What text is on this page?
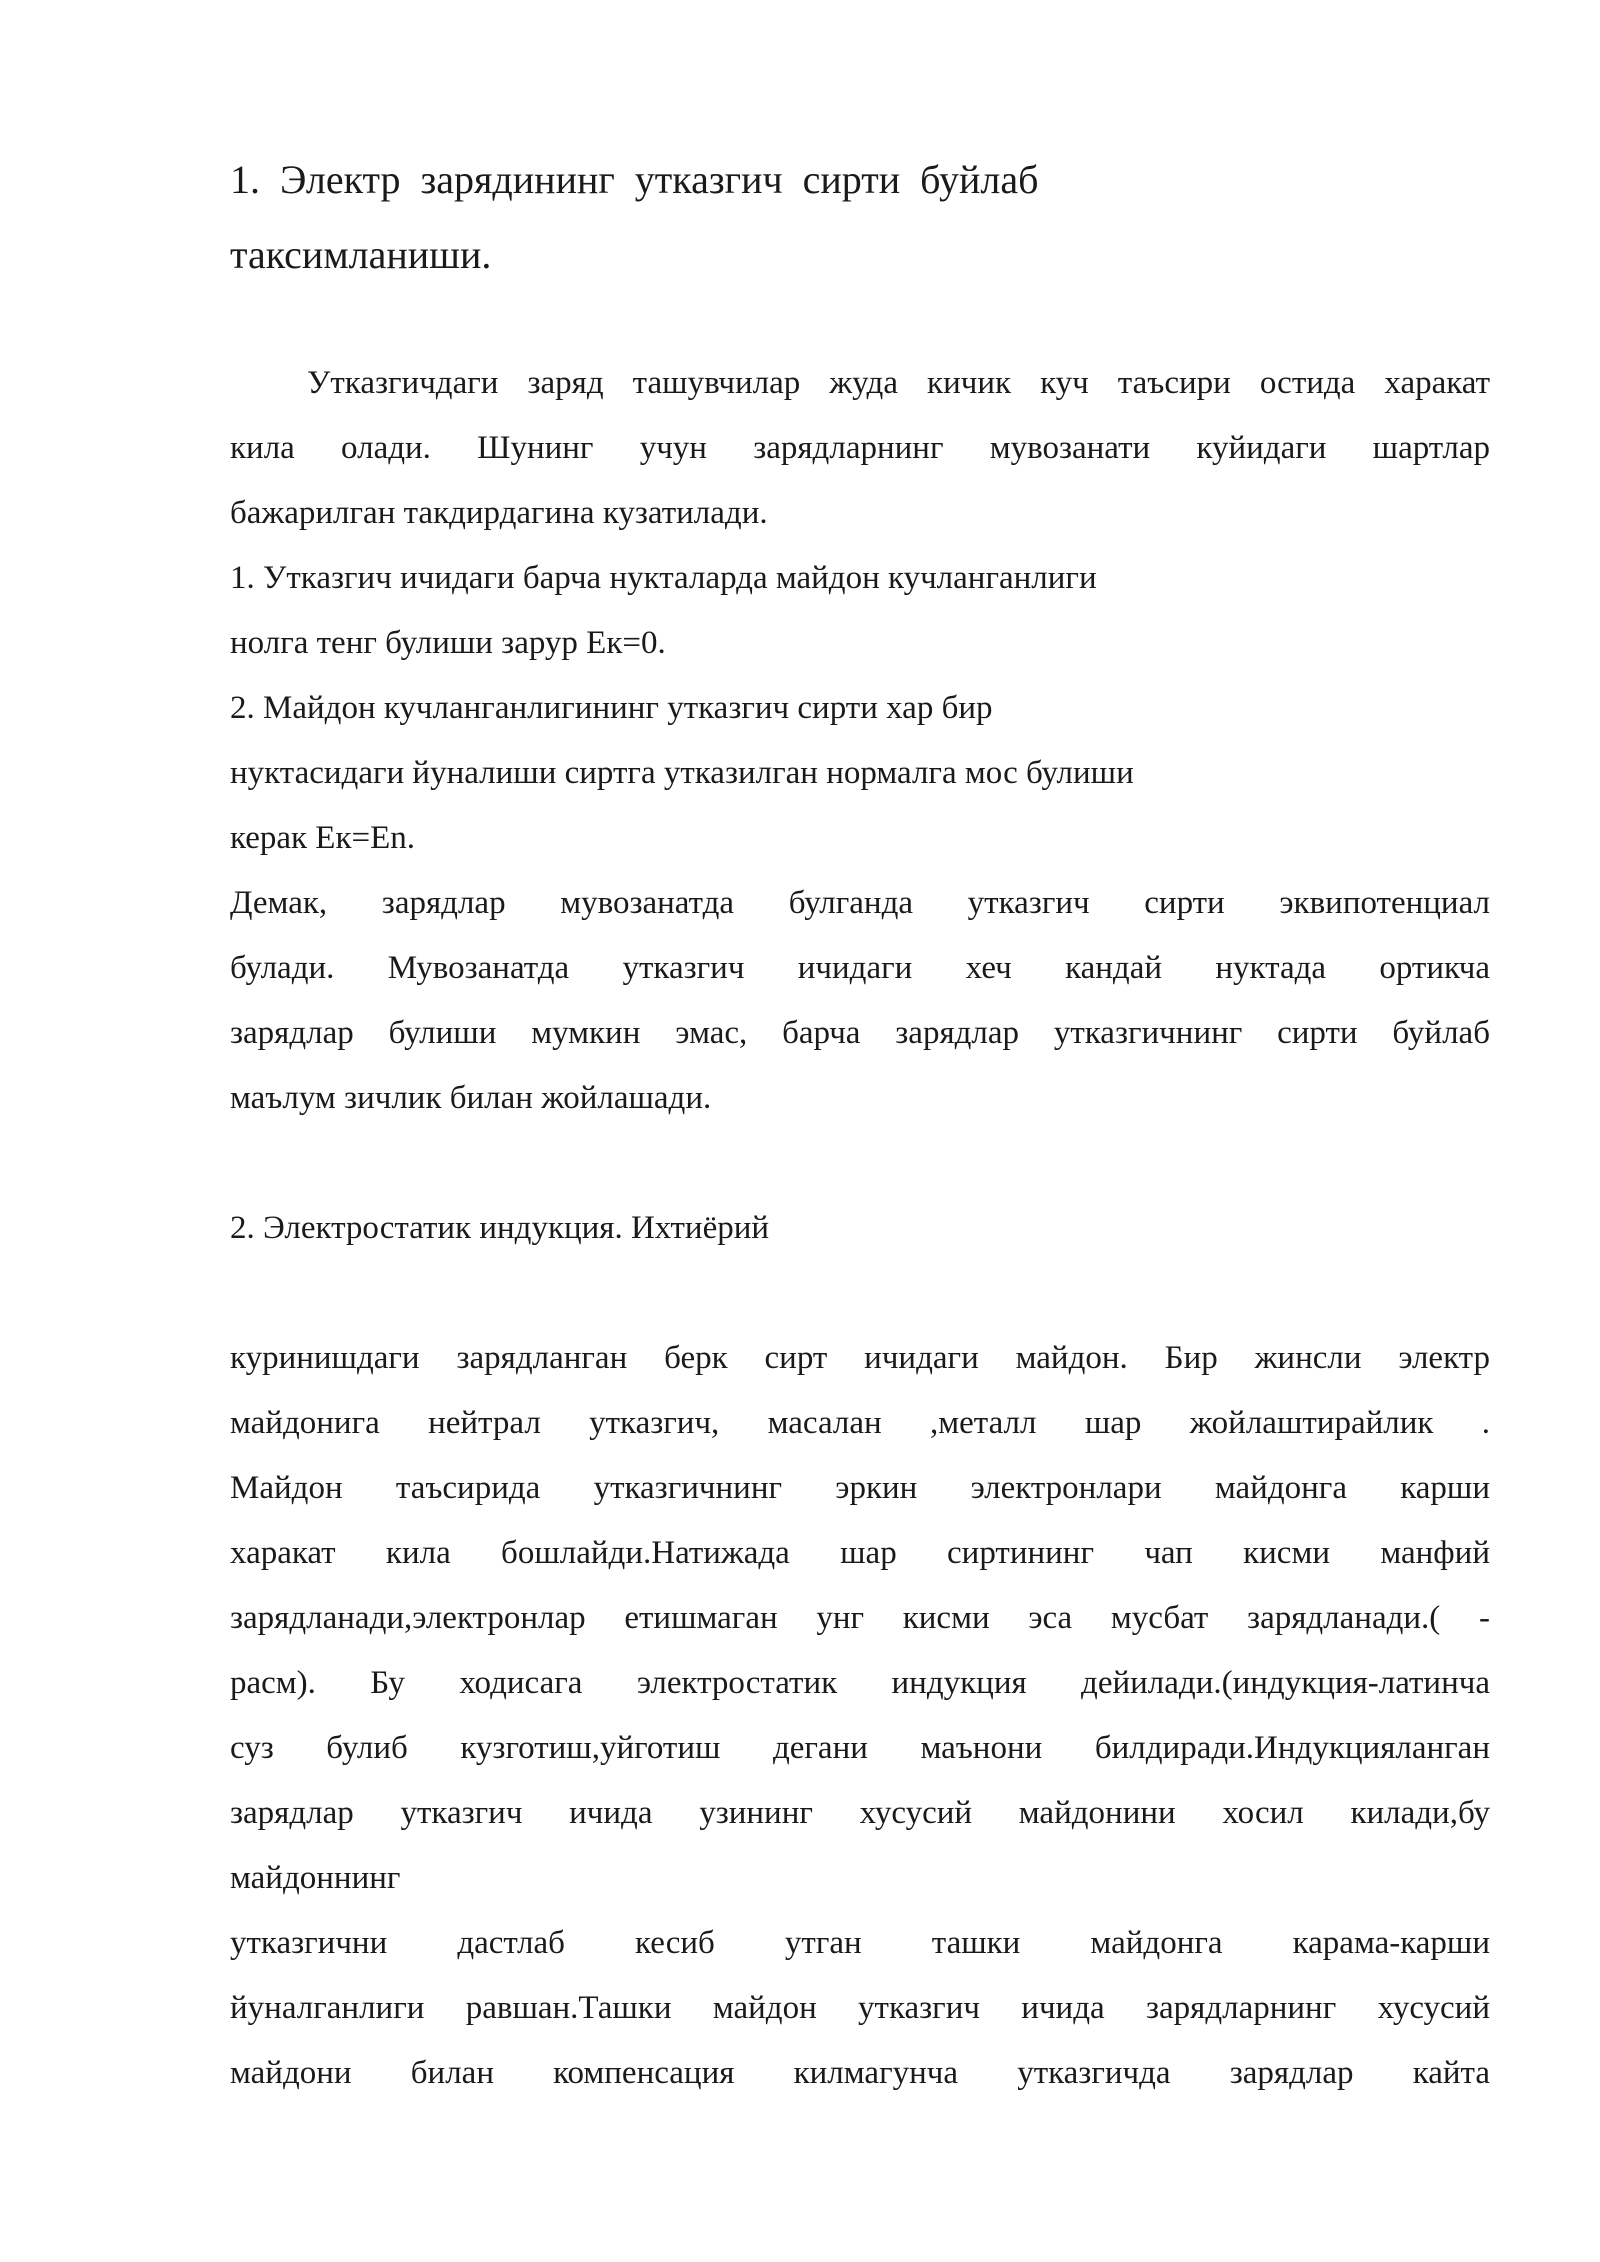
1. Электр зарядининг утказгич сирти буйлаб
таксимланиши.
Утказгичдаги заряд ташувчилар жуда кичик куч таъсири остида харакат
кила олади. Шунинг учун зарядларнинг мувозанати куйидаги шартлар
бажарилган такдирдагина кузатилади.
1. Утказгич ичидаги барча нукталарда майдон кучланганлиги
нолга тенг булиши зарур Ек=0.
2. Майдон кучланганлигининг утказгич сирти хар бир
нуктасидаги йуналиши сиртга утказилган нормалга мос булиши
керак Ек=En.
Демак, зарядлар мувозанатда булганда утказгич сирти эквипотенциал
булади. Мувозанатда утказгич ичидаги хеч кандай нуктада ортикча
зарядлар булиши мумкин эмас, барча зарядлар утказгичнинг сирти буйлаб
маълум зичлик билан жойлашади.
2. Электростатик индукция. Ихтиёрий
куринишдаги зарядланган берк сирт ичидаги майдон. Бир жинсли электр
майдонига нейтрал утказгич, масалан ,металл шар жойлаштирайлик .
Майдон таъсирида утказгичнинг эркин электронлари майдонга карши
харакат кила бошлайди.Натижада шар сиртининг чап кисми манфий
зарядланади,электронлар етишмаган унг кисми эса мусбат зарядланади.( -
расм). Бу ходисага электростатик индукция дейилади.(индукция-латинча
суз булиб кузготиш,уйготиш дегани маънони билдиради.Индукцияланган
зарядлар утказгич ичида узининг хусусий майдонини хосил килади,бу
майдоннинг
утказгични дастлаб кесиб утган ташки майдонга карама-карши
йуналганлиги равшан.Ташки майдон утказгич ичида зарядларнинг хусусий
майдони билан компенсация килмагунча утказгичда зарядлар кайта
